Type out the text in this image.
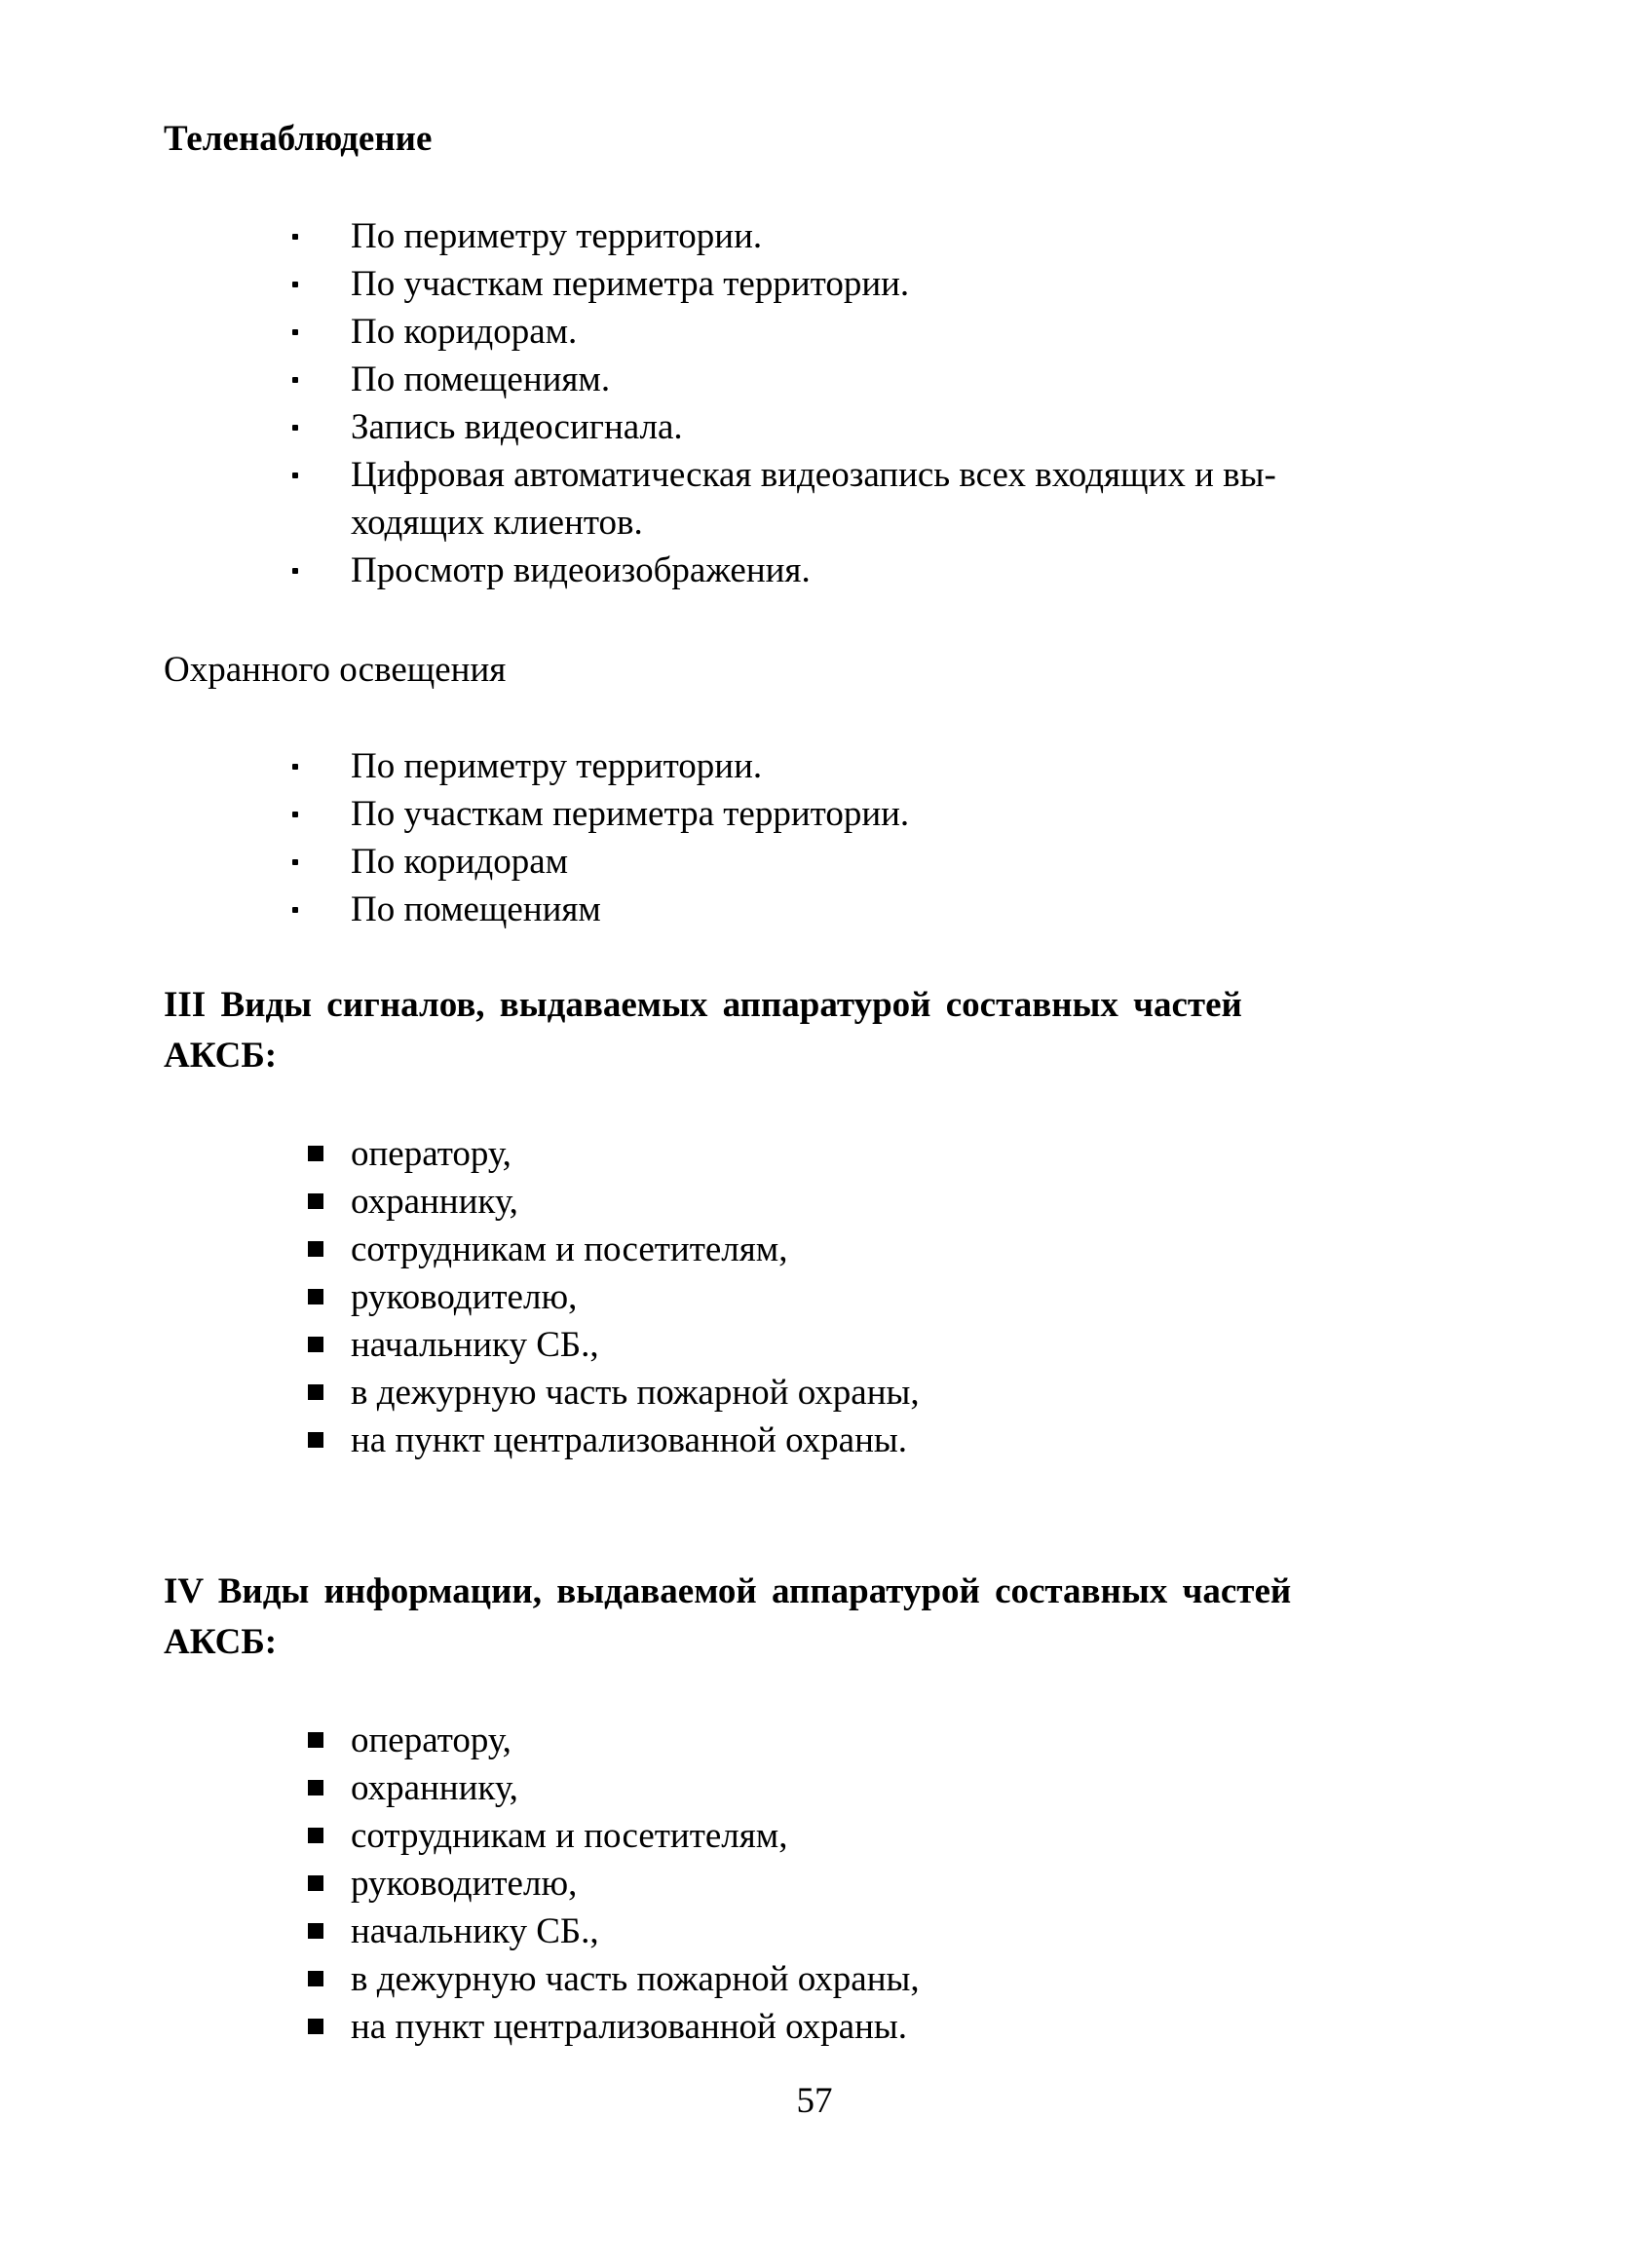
Теленаблюдение
По периметру территории.
По участкам периметра территории.
По коридорам.
По помещениям.
Запись видеосигнала.
Цифровая автоматическая видеозапись всех входящих и вы-
ходящих клиентов.
Просмотр видеоизображения.
Охранного освещения
По периметру территории.
По участкам периметра территории.
По коридорам
По помещениям
III Виды сигналов, выдаваемых аппаратурой составных частей
АКСБ:
оператору,
охраннику,
сотрудникам и посетителям,
руководителю,
начальнику СБ.,
в дежурную часть пожарной охраны,
на пункт централизованной охраны.
IV Виды информации, выдаваемой аппаратурой составных частей
АКСБ:
оператору,
охраннику,
сотрудникам и посетителям,
руководителю,
начальнику СБ.,
в дежурную часть пожарной охраны,
на пункт централизованной охраны.
57
